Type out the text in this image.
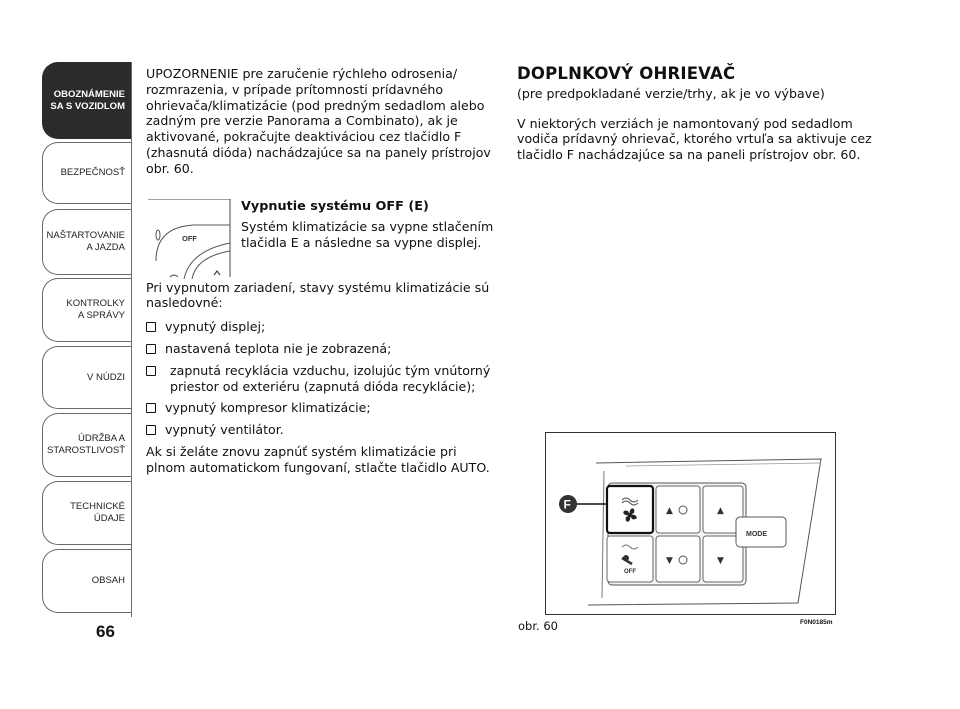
OBOZNÁMENIE
SA S VOZIDLOM
BEZPEČNOSŤ
NAŠTARTOVANIE
A JAZDA
KONTROLKY
A SPRÁVY
V NÚDZI
ÚDRŽBA A
STAROSTLIVOSŤ
TECHNICKÉ
ÚDAJE
OBSAH
66

UPOZORNENIE pre zaručenie rýchleho odrosenia/ rozmrazenia, v prípade prítomnosti prídavného ohrievača/klimatizácie (pod predným sedadlom alebo zadným pre verzie Panorama a Combinato), ak je aktivované, pokračujte deaktiváciou cez tlačidlo F (zhasnutá dióda) nachádzajúce sa na panely prístrojov obr. 60.

OFF
Vypnutie systému OFF (E)

Systém klimatizácie sa vypne stlačením tlačidla E a následne sa vypne displej.

Pri vypnutom zariadení, stavy systému klimatizácie sú nasledovné:

vypnutý displej;
nastavená teplota nie je zobrazená;
zapnutá recyklácia vzduchu, izolujúc tým vnútorný priestor od exteriéru (zapnutá dióda recyklácie);
vypnutý kompresor klimatizácie;
vypnutý ventilátor.

Ak si želáte znovu zapnúť systém klimatizácie pri plnom automatickom fungovaní, stlačte tlačidlo AUTO.

DOPLNKOVÝ OHRIEVAČ

(pre predpokladané verzie/trhy, ak je vo výbave)

V niektorých verziách je namontovaný pod sedadlom vodiča prídavný ohrievač, ktorého vrtuľa sa aktivuje cez tlačidlo F nachádzajúce sa na paneli prístrojov obr. 60.

OFF
▲
▼
▲
▼
MODE
F
obr. 60	F0N0185m
